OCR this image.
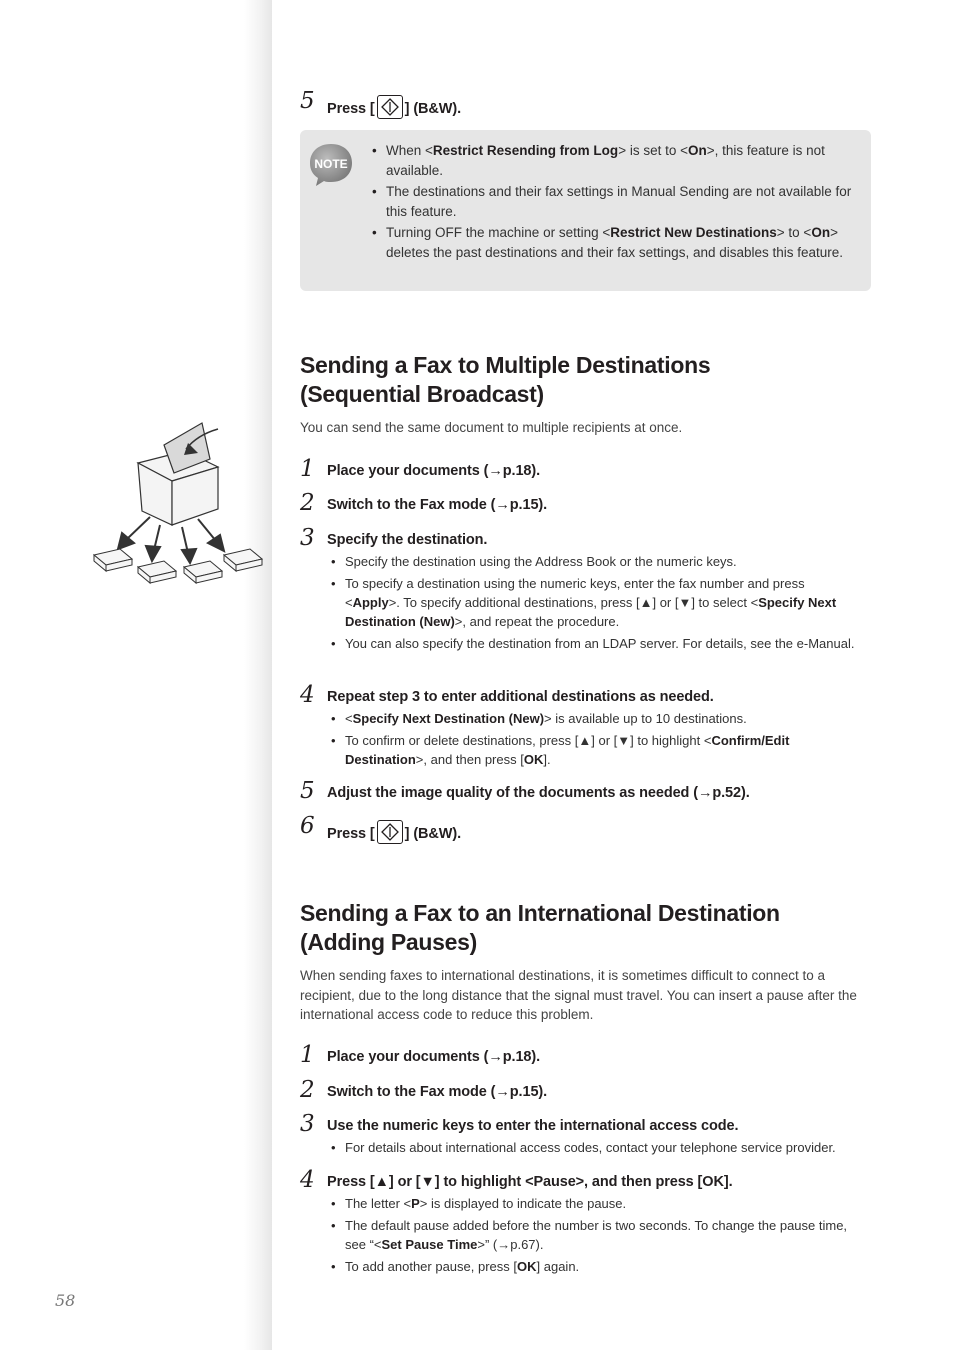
5 Press [ ] (B&W).
NOTE
• When <Restrict Resending from Log> is set to <On>, this feature is not available.
• The destinations and their fax settings in Manual Sending are not available for this feature.
• Turning OFF the machine or setting <Restrict New Destinations> to <On> deletes the past destinations and their fax settings, and disables this feature.
Sending a Fax to Multiple Destinations
(Sequential Broadcast)

You can send the same document to multiple recipients at once.

1 Place your documents (→p.18).
2 Switch to the Fax mode (→p.15).
3 Specify the destination.
• Specify the destination using the Address Book or the numeric keys.
• To specify a destination using the numeric keys, enter the fax number and press <Apply>. To specify additional destinations, press [▲] or [▼] to select <Specify Next Destination (New)>, and repeat the procedure.
• You can also specify the destination from an LDAP server. For details, see the e-Manual.
4 Repeat step 3 to enter additional destinations as needed.
• <Specify Next Destination (New)> is available up to 10 destinations.
• To confirm or delete destinations, press [▲] or [▼] to highlight <Confirm/Edit Destination>, and then press [OK].
5 Adjust the image quality of the documents as needed (→p.52).
6 Press [ ] (B&W).
Sending a Fax to an International Destination
(Adding Pauses)

When sending faxes to international destinations, it is sometimes difficult to connect to a recipient, due to the long distance that the signal must travel. You can insert a pause after the international access code to reduce this problem.

1 Place your documents (→p.18).
2 Switch to the Fax mode (→p.15).
3 Use the numeric keys to enter the international access code.
• For details about international access codes, contact your telephone service provider.
4 Press [▲] or [▼] to highlight <Pause>, and then press [OK].
• The letter <P> is displayed to indicate the pause.
• The default pause added before the number is two seconds. To change the pause time, see “<Set Pause Time>” (→p.67).
• To add another pause, press [OK] again.
58
